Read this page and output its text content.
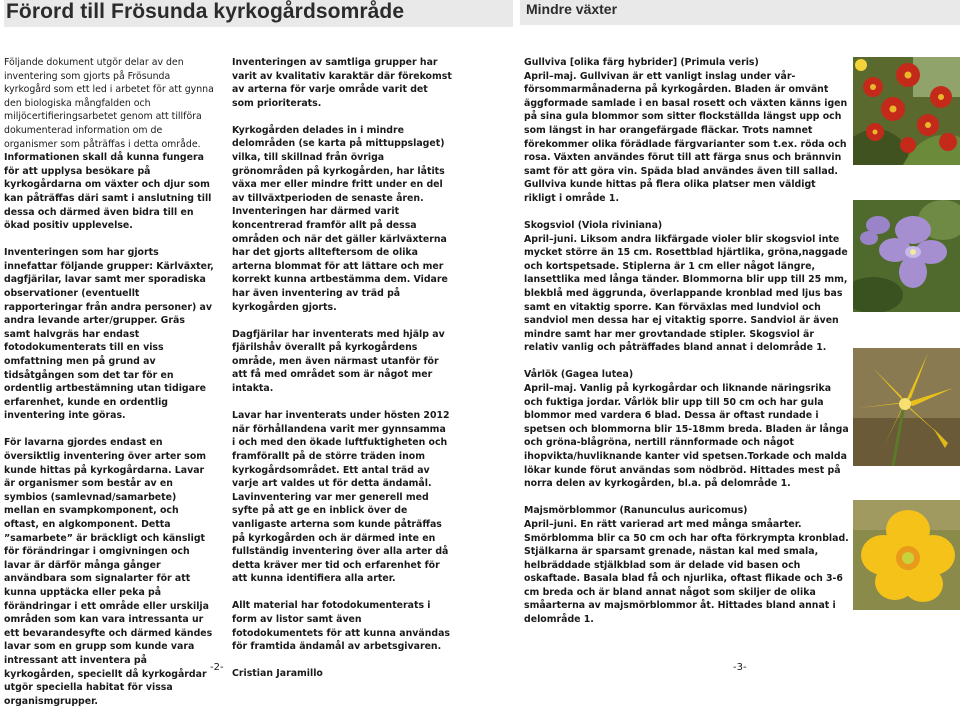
Förord till Frösunda kyrkogårdsområde	Mindre växter

Följande dokument utgör delar av den inventering som gjorts på Frösunda kyrkogård som ett led i arbetet för att gynna den biologiska mångfalden och miljöcertifieringsarbetet genom att tillföra dokumenterad information om de organismer som påträffas i detta område.

Informationen skall då kunna fungera för att upplysa besökare på kyrkogårdarna om växter och djur som kan påträffas däri samt i anslutning till dessa och därmed även bidra till en ökad positiv upplevelse.

Inventeringen som har gjorts innefattar följande grupper: Kärlväxter, dagfjärilar, lavar samt mer sporadiska observationer (eventuellt rapporteringar från andra personer) av andra levande arter/grupper. Gräs samt halvgräs har endast fotodokumenterats till en viss omfattning men på grund av tidsåtgången som det tar för en ordentlig artbestämning utan tidigare erfarenhet, kunde en ordentlig inventering inte göras.

För lavarna gjordes endast en översiktlig inventering över arter som kunde hittas på kyrkogårdarna. Lavar är organismer som består av en symbios (samlevnad/samarbete) mellan en svampkomponent, och oftast, en algkomponent. Detta ”samarbete” är bräckligt och känsligt för förändringar i omgivningen och lavar är därför många gånger användbara som signalarter för att kunna upptäcka eller peka på förändringar i ett område eller urskilja områden som kan vara intressanta ur ett bevarandesyfte och därmed kändes lavar som en grupp som kunde vara intressant att inventera på kyrkogården, speciellt då kyrkogårdar utgör speciella habitat för vissa organismgrupper.

Inventeringen av samtliga grupper har varit av kvalitativ karaktär där förekomst av arterna för varje område varit det som prioriterats.

Kyrkogården delades in i mindre delområden (se karta på mittuppslaget) vilka, till skillnad från övriga grönområden på kyrkogården, har låtits växa mer eller mindre fritt under en del av tillväxtperioden de senaste åren. Inventeringen har därmed varit koncentrerad framför allt på dessa områden och när det gäller kärlväxterna har det gjorts allteftersom de olika arterna blommat för att lättare och mer korrekt kunna artbestämma dem. Vidare har även inventering av träd på kyrkogården gjorts.

Dagfjärilar har inventerats med hjälp av fjärilshåv överallt på kyrkogårdens område, men även närmast utanför för att få med området som är något mer intakta.

Lavar har inventerats under hösten 2012 när förhållandena varit mer gynnsamma i och med den ökade luftfuktigheten och framförallt på de större träden inom kyrkogårdsområdet. Ett antal träd av varje art valdes ut för detta ändamål. Lavinventering var mer generell med syfte på att ge en inblick över de vanligaste arterna som kunde påträffas på kyrkogården och är därmed inte en fullständig inventering över alla arter då detta kräver mer tid och erfarenhet för att kunna identifiera alla arter.

Allt material har fotodokumenterats i form av listor samt även fotodokumentets för att kunna användas för framtida ändamål av arbetsgivaren.

Cristian Jaramillo

Gullviva [olika färg hybrider] (Primula veris)

April–maj. Gullvivan är ett vanligt inslag under vår-försommarmånaderna på kyrkogården. Bladen är omvänt äggformade samlade i en basal rosett och växten känns igen på sina gula blommor som sitter flockställda längst upp och som längst in har orangefärgade fläckar. Trots namnet förekommer olika förädlade färgvarianter som t.ex. röda och rosa. Växten användes förut till att färga snus och brännvin samt för att göra vin. Späda blad användes även till sallad. Gullviva kunde hittas på flera olika platser men väldigt rikligt i område 1.

Skogsviol (Viola riviniana)

April–juni. Liksom andra likfärgade violer blir skogsviol inte mycket större än 15 cm. Rosettblad hjärtlika, gröna,naggade och kortspetsade. Stiplerna är 1 cm eller något längre, lansettlika med långa tänder. Blommorna blir upp till 25 mm, blekblå med äggrunda, överlappande kronblad med ljus bas samt en vitaktig sporre. Kan förväxlas med lundviol och sandviol men dessa har ej vitaktig sporre. Sandviol är även mindre samt har mer grovtandade stipler. Skogsviol är relativ vanlig och påträffades bland annat i delområde 1.

Vårlök (Gagea lutea)

April–maj. Vanlig på kyrkogårdar och liknande näringsrika och fuktiga jordar. Vårlök blir upp till 50 cm och har gula blommor med vardera 6 blad. Dessa är oftast rundade i spetsen och blommorna blir 15-18mm breda. Bladen är långa och gröna-blågröna, nertill rännformade och något ihopvikta/huvliknande kanter vid spetsen.Torkade och malda lökar kunde förut användas som nödbröd. Hittades mest på norra delen av kyrkogården, bl.a. på delområde 1.

Majsmörblommor (Ranunculus auricomus)

April–juni. En rätt varierad art med många småarter. Smörblomma blir ca 50 cm och har ofta förkrympta kronblad. Stjälkarna är sparsamt grenade, nästan kal med smala, helbräddade stjälkblad som är delade vid basen och oskaftade. Basala blad få och njurlika, oftast flikade och 3-6 cm breda och är bland annat något som skiljer de olika småarterna av majsmörblommor åt. Hittades bland annat i delområde 1.

-2-	-3-
